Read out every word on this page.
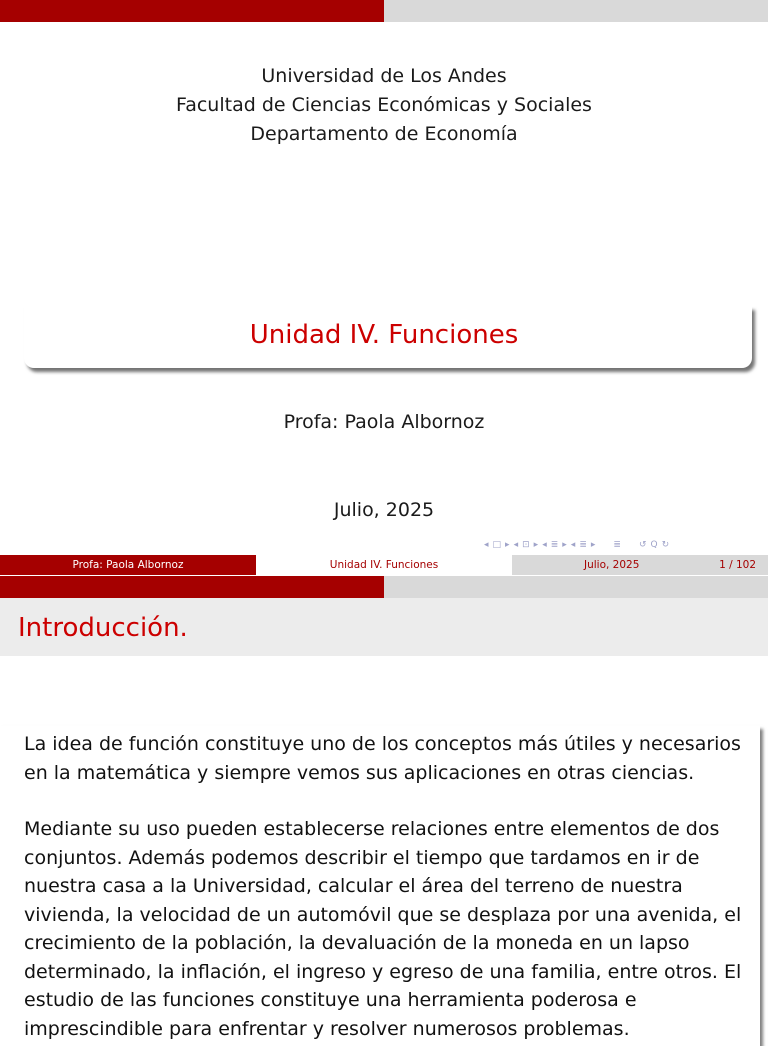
Universidad de Los Andes
Facultad de Ciencias Económicas y Sociales
Departamento de Economía
Unidad IV. Funciones
Profa: Paola Albornoz
Julio, 2025
◂ □ ▸ ◂ ⊡ ▸ ◂ ≣ ▸ ◂ ≣ ▸ ≣ ↺ Q ↻
Profa: Paola Albornoz	Unidad IV. Funciones	Julio, 2025	1 / 102
Introducción.

La idea de función constituye uno de los conceptos más útiles y necesarios
en la matemática y siempre vemos sus aplicaciones en otras ciencias.

Mediante su uso pueden establecerse relaciones entre elementos de dos
conjuntos. Además podemos describir el tiempo que tardamos en ir de
nuestra casa a la Universidad, calcular el área del terreno de nuestra
vivienda, la velocidad de un automóvil que se desplaza por una avenida, el
crecimiento de la población, la devaluación de la moneda en un lapso
determinado, la inflación, el ingreso y egreso de una familia, entre otros. El
estudio de las funciones constituye una herramienta poderosa e
imprescindible para enfrentar y resolver numerosos problemas.
